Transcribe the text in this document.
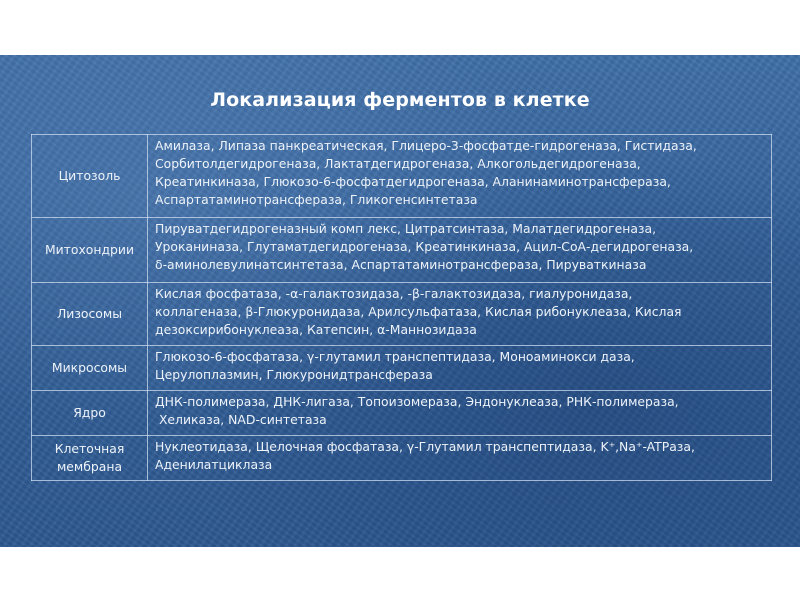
Локализация ферментов в клетке
Цитозоль	Амилаза, Липаза панкреатическая, Глицеро-3-фосфатде-гидрогеназа, Гистидаза,
Сорбитолдегидрогеназа, Лактатдегидрогеназа, Алкогольдегидрогеназа,
Креатинкиназа, Глюкозо-6-фосфатдегидрогеназа, Аланинаминотрансфераза,
Аспартатаминотрансфераза, Гликогенсинтетаза

Митохондрии	Пируватдегидрогеназный комп лекс, Цитратсинтаза, Малатдегидрогеназа,
Уроканиназа, Глутаматдегидрогеназа, Креатинкиназа, Ацил-СоА-дегидрогеназа,
δ-аминолевулинатсинтетаза, Аспартатаминотрансфераза, Пируваткиназа

Лизосомы	Кислая фосфатаза, -α-галактозидаза, -β-галактозидаза, гиалуронидаза,
коллагеназа, β-Глюкуронидаза, Арилсульфатаза, Кислая рибонуклеаза, Кислая
дезоксирибонуклеаза, Катепсин, α-Маннозидаза

Микросомы	Глюкозо-6-фосфатаза, γ-глутамил транспептидаза, Моноаминокси даза,
Церулоплазмин, Глюкуронидтрансфераза

Ядро	ДНК-полимераза, ДНК-лигаза, Топоизомераза, Эндонуклеаза, РНК-полимераза,
Хеликаза, NAD-синтетаза

Клеточная
мембрана	Нуклеотидаза, Щелочная фосфатаза, γ-Глутамил транспептидаза, K⁺,Na⁺-ATPаза,
Аденилатциклаза
